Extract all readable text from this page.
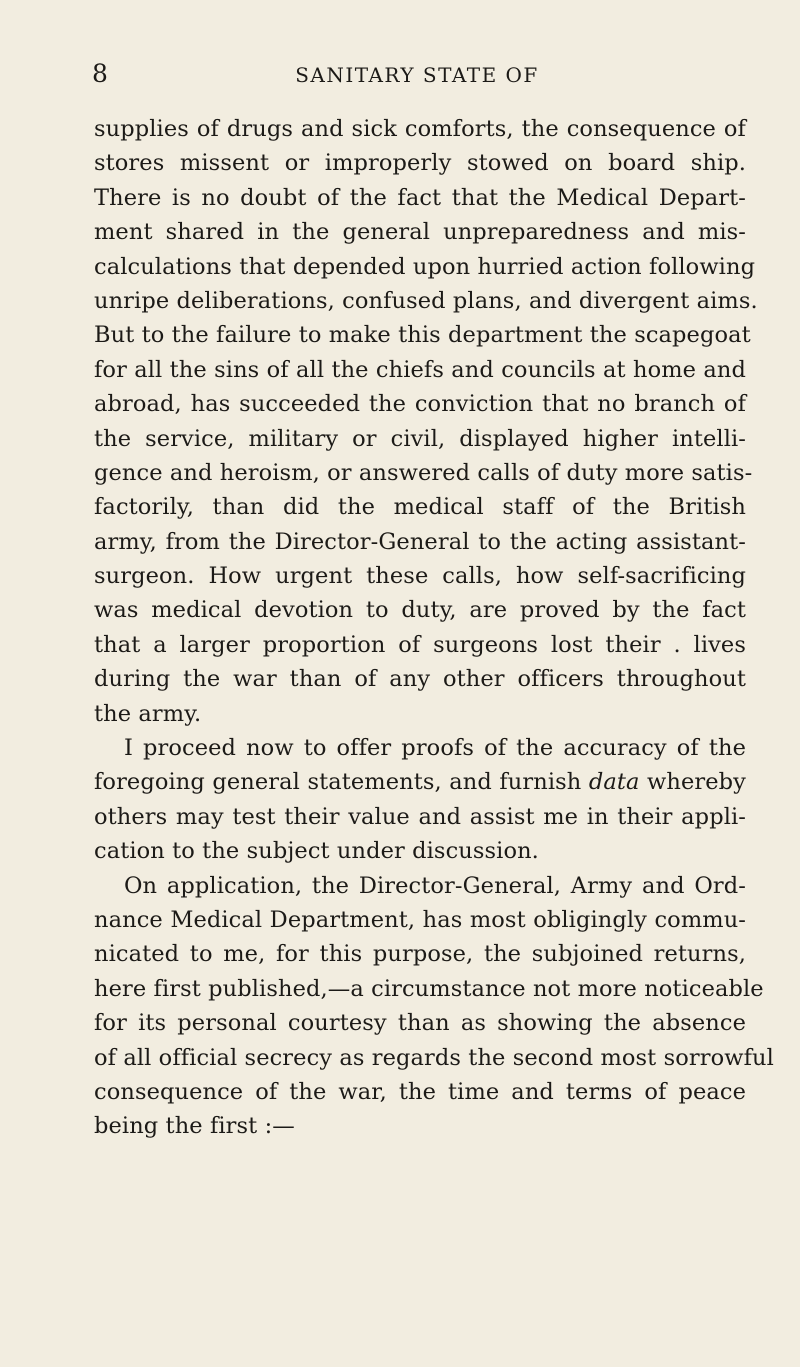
8	SANITARY STATE OF
supplies of drugs and sick comforts, the consequence of
stores missent or improperly stowed on board ship.
There is no doubt of the fact that the Medical Depart-
ment shared in the general unpreparedness and mis-
calculations that depended upon hurried action following
unripe deliberations, confused plans, and divergent aims.
But to the failure to make this department the scapegoat
for all the sins of all the chiefs and councils at home and
abroad, has succeeded the conviction that no branch of
the service, military or civil, displayed higher intelli-
gence and heroism, or answered calls of duty more satis-
factorily, than did the medical staff of the British
army, from the Director-General to the acting assistant-
surgeon. How urgent these calls, how self-sacrificing
was medical devotion to duty, are proved by the fact
that a larger proportion of surgeons lost their . lives
during the war than of any other officers throughout
the army.
I proceed now to offer proofs of the accuracy of the
foregoing general statements, and furnish data whereby
others may test their value and assist me in their appli-
cation to the subject under discussion.
On application, the Director-General, Army and Ord-
nance Medical Department, has most obligingly commu-
nicated to me, for this purpose, the subjoined returns,
here first published,—a circumstance not more noticeable
for its personal courtesy than as showing the absence
of all official secrecy as regards the second most sorrowful
consequence of the war, the time and terms of peace
being the first :—
